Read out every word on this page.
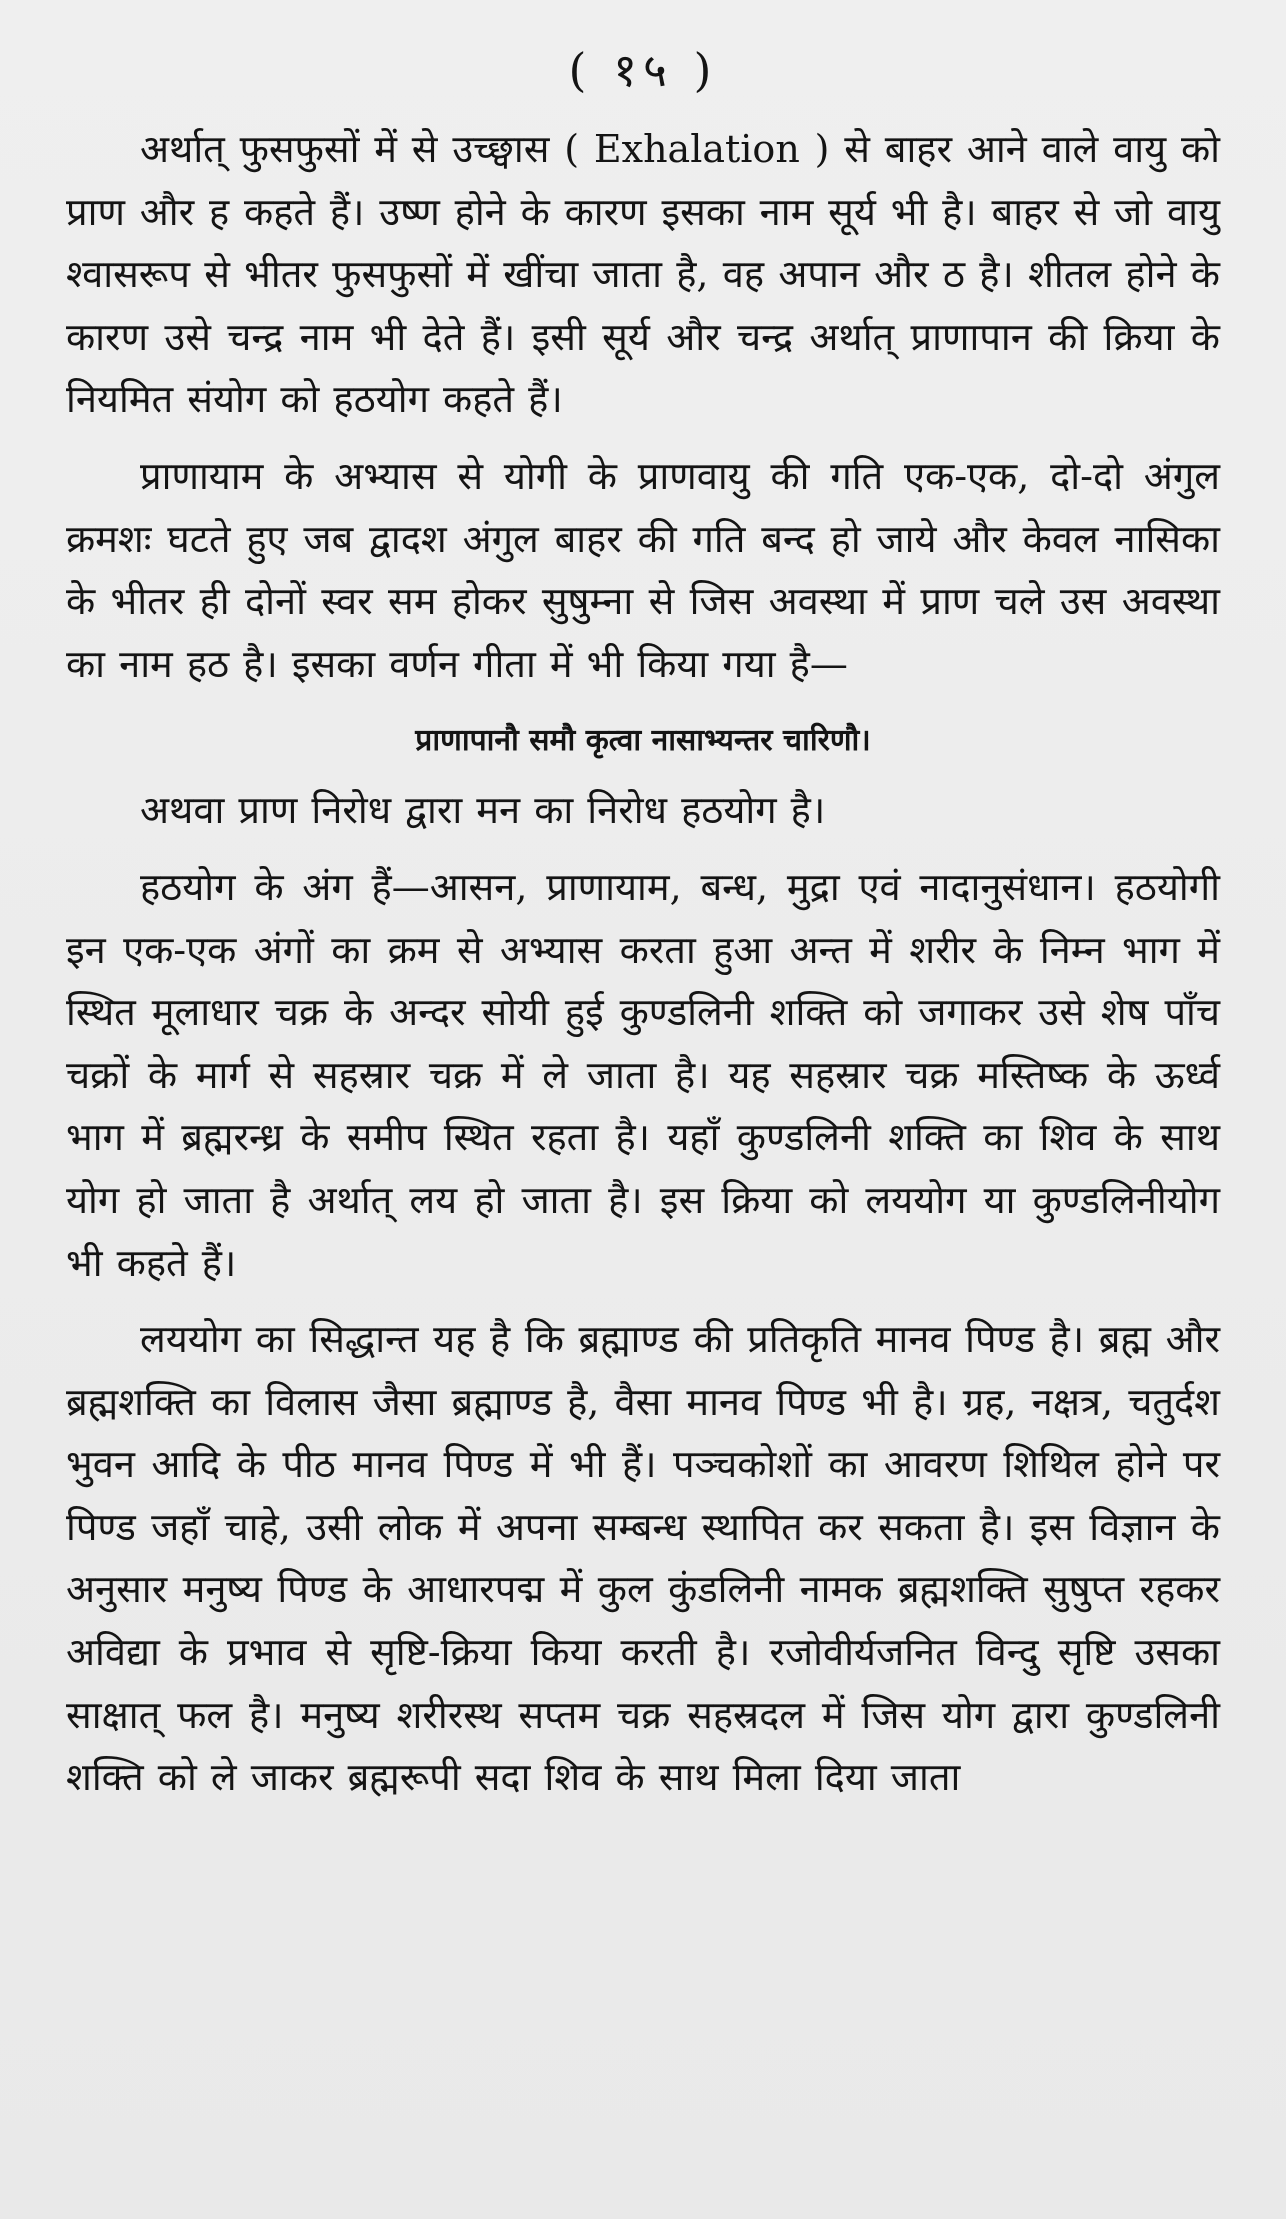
( १५ )

अर्थात् फुसफुसों में से उच्छ्वास ( Exhalation ) से बाहर आने वाले वायु को प्राण और ह कहते हैं। उष्ण होने के कारण इसका नाम सूर्य भी है। बाहर से जो वायु श्वासरूप से भीतर फुसफुसों में खींचा जाता है, वह अपान और ठ है। शीतल होने के कारण उसे चन्द्र नाम भी देते हैं। इसी सूर्य और चन्द्र अर्थात् प्राणापान की क्रिया के नियमित संयोग को हठयोग कहते हैं।

प्राणायाम के अभ्यास से योगी के प्राणवायु की गति एक-एक, दो-दो अंगुल क्रमशः घटते हुए जब द्वादश अंगुल बाहर की गति बन्द हो जाये और केवल नासिका के भीतर ही दोनों स्वर सम होकर सुषुम्ना से जिस अवस्था में प्राण चले उस अवस्था का नाम हठ है। इसका वर्णन गीता में भी किया गया है—

प्राणापानौ समौ कृत्वा नासाभ्यन्तर चारिणौ।

अथवा प्राण निरोध द्वारा मन का निरोध हठयोग है।

हठयोग के अंग हैं—आसन, प्राणायाम, बन्ध, मुद्रा एवं नादानुसंधान। हठयोगी इन एक-एक अंगों का क्रम से अभ्यास करता हुआ अन्त में शरीर के निम्न भाग में स्थित मूलाधार चक्र के अन्दर सोयी हुई कुण्डलिनी शक्ति को जगाकर उसे शेष पाँच चक्रों के मार्ग से सहस्रार चक्र में ले जाता है। यह सहस्रार चक्र मस्तिष्क के ऊर्ध्व भाग में ब्रह्मरन्ध्र के समीप स्थित रहता है। यहाँ कुण्डलिनी शक्ति का शिव के साथ योग हो जाता है अर्थात् लय हो जाता है। इस क्रिया को लययोग या कुण्डलिनीयोग भी कहते हैं।

लययोग का सिद्धान्त यह है कि ब्रह्माण्ड की प्रतिकृति मानव पिण्ड है। ब्रह्म और ब्रह्मशक्ति का विलास जैसा ब्रह्माण्ड है, वैसा मानव पिण्ड भी है। ग्रह, नक्षत्र, चतुर्दश भुवन आदि के पीठ मानव पिण्ड में भी हैं। पञ्चकोशों का आवरण शिथिल होने पर पिण्ड जहाँ चाहे, उसी लोक में अपना सम्बन्ध स्थापित कर सकता है। इस विज्ञान के अनुसार मनुष्य पिण्ड के आधारपद्म में कुल कुंडलिनी नामक ब्रह्मशक्ति सुषुप्त रहकर अविद्या के प्रभाव से सृष्टि-क्रिया किया करती है। रजोवीर्यजनित विन्दु सृष्टि उसका साक्षात् फल है। मनुष्य शरीरस्थ सप्तम चक्र सहस्रदल में जिस योग द्वारा कुण्डलिनी शक्ति को ले जाकर ब्रह्मरूपी सदा शिव के साथ मिला दिया जाता
